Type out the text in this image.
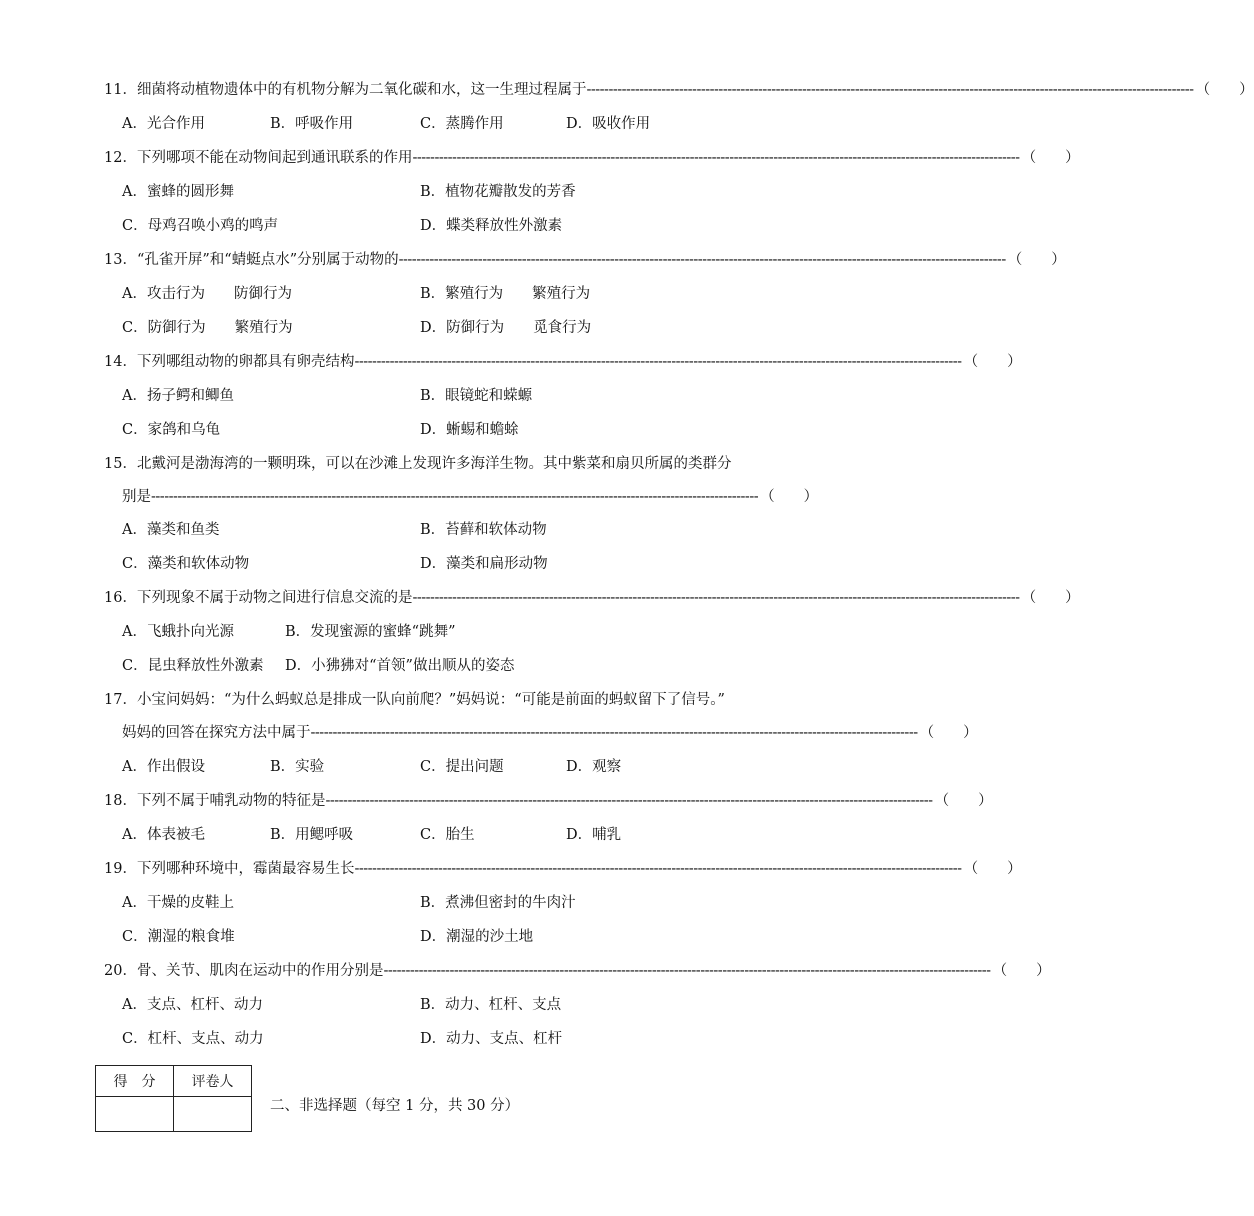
11． 细菌将动植物遗体中的有机物分解为二氧化碳和水，这一生理过程属于 ------------------------------------------------------------------------------------------------------------------------------------------ （　　）
A．光合作用	B．呼吸作用	C．蒸腾作用	D．吸收作用
12． 下列哪项不能在动物间起到通讯联系的作用 ------------------------------------------------------------------------------------------------------------------------------------------ （　　）
A．蜜蜂的圆形舞	B．植物花瓣散发的芳香
C．母鸡召唤小鸡的鸣声	D．蝶类释放性外激素
13． “孔雀开屏”和“蜻蜓点水”分别属于动物的 ------------------------------------------------------------------------------------------------------------------------------------------ （　　）
A．攻击行为　　防御行为	B．繁殖行为　　繁殖行为
C．防御行为　　繁殖行为	D．防御行为　　觅食行为
14． 下列哪组动物的卵都具有卵壳结构 ------------------------------------------------------------------------------------------------------------------------------------------ （　　）
A．扬子鳄和鲫鱼	B．眼镜蛇和蝾螈
C．家鸽和乌龟	D．蜥蜴和蟾蜍
15．北戴河是渤海湾的一颗明珠，可以在沙滩上发现许多海洋生物。其中紫菜和扇贝所属的类群分
别是 ------------------------------------------------------------------------------------------------------------------------------------------ （　　）
A．藻类和鱼类	B．苔藓和软体动物
C．藻类和软体动物	D．藻类和扁形动物
16． 下列现象不属于动物之间进行信息交流的是 ------------------------------------------------------------------------------------------------------------------------------------------ （　　）
A．飞蛾扑向光源	B．发现蜜源的蜜蜂“跳舞”
C．昆虫释放性外激素 D．小狒狒对“首领”做出顺从的姿态
17．小宝问妈妈：“为什么蚂蚁总是排成一队向前爬？”妈妈说：“可能是前面的蚂蚁留下了信号。”
妈妈的回答在探究方法中属于 ------------------------------------------------------------------------------------------------------------------------------------------ （　　）
A．作出假设	B．实验	C．提出问题	D．观察
18． 下列不属于哺乳动物的特征是 ------------------------------------------------------------------------------------------------------------------------------------------ （　　）
A．体表被毛	B．用鳃呼吸	C．胎生	D．哺乳
19． 下列哪种环境中，霉菌最容易生长 ------------------------------------------------------------------------------------------------------------------------------------------ （　　）
A．干燥的皮鞋上	B．煮沸但密封的牛肉汁
C．潮湿的粮食堆	D．潮湿的沙土地
20． 骨、关节、肌肉在运动中的作用分别是 ------------------------------------------------------------------------------------------------------------------------------------------ （　　）
A．支点、杠杆、动力	B．动力、杠杆、支点
C．杠杆、支点、动力	D．动力、支点、杠杆
得　分	评卷人

二、非选择题（每空 1 分，共 30 分）
